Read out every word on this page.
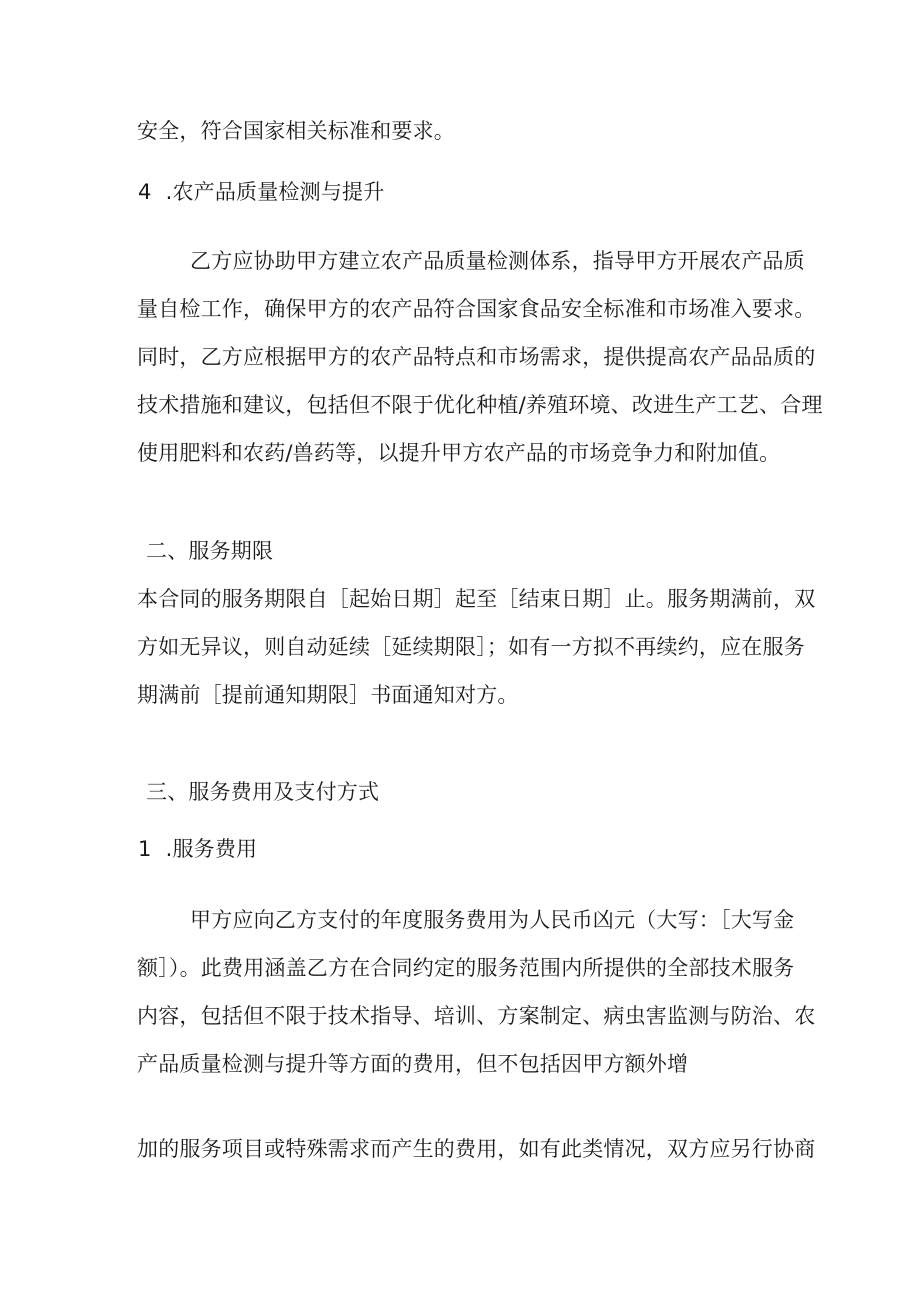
安全，符合国家相关标准和要求。
4 .农产品质量检测与提升
乙方应协助甲方建立农产品质量检测体系，指导甲方开展农产品质
量自检工作，确保甲方的农产品符合国家食品安全标准和市场准入要求。
同时，乙方应根据甲方的农产品特点和市场需求，提供提高农产品品质的
技术措施和建议，包括但不限于优化种植/养殖环境、改进生产工艺、合理
使用肥料和农药/兽药等，以提升甲方农产品的市场竞争力和附加值。
二、服务期限
本合同的服务期限自［起始日期］起至［结束日期］止。服务期满前，双
方如无异议，则自动延续［延续期限］；如有一方拟不再续约，应在服务
期满前［提前通知期限］书面通知对方。
三、服务费用及支付方式
1 .服务费用
甲方应向乙方支付的年度服务费用为人民币凶元（大写：［大写金
额］）。此费用涵盖乙方在合同约定的服务范围内所提供的全部技术服务
内容，包括但不限于技术指导、培训、方案制定、病虫害监测与防治、农
产品质量检测与提升等方面的费用，但不包括因甲方额外增
加的服务项目或特殊需求而产生的费用，如有此类情况，双方应另行协商
